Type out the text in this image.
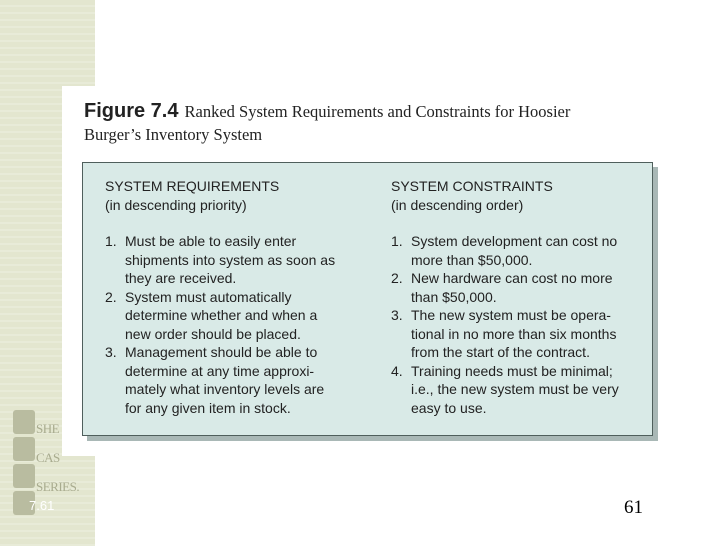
SHE
CAS
SERIES.
7.61
Figure 7.4 Ranked System Requirements and Constraints for Hoosier
Burger’s Inventory System
SYSTEM REQUIREMENTS
(in descending priority)
1. Must be able to easily enter
shipments into system as soon as
they are received.
2. System must automatically
determine whether and when a
new order should be placed.
3. Management should be able to
determine at any time approxi-
mately what inventory levels are
for any given item in stock.
SYSTEM CONSTRAINTS
(in descending order)
1. System development can cost no
more than $50,000.
2. New hardware can cost no more
than $50,000.
3. The new system must be opera-
tional in no more than six months
from the start of the contract.
4. Training needs must be minimal;
i.e., the new system must be very
easy to use.
61
